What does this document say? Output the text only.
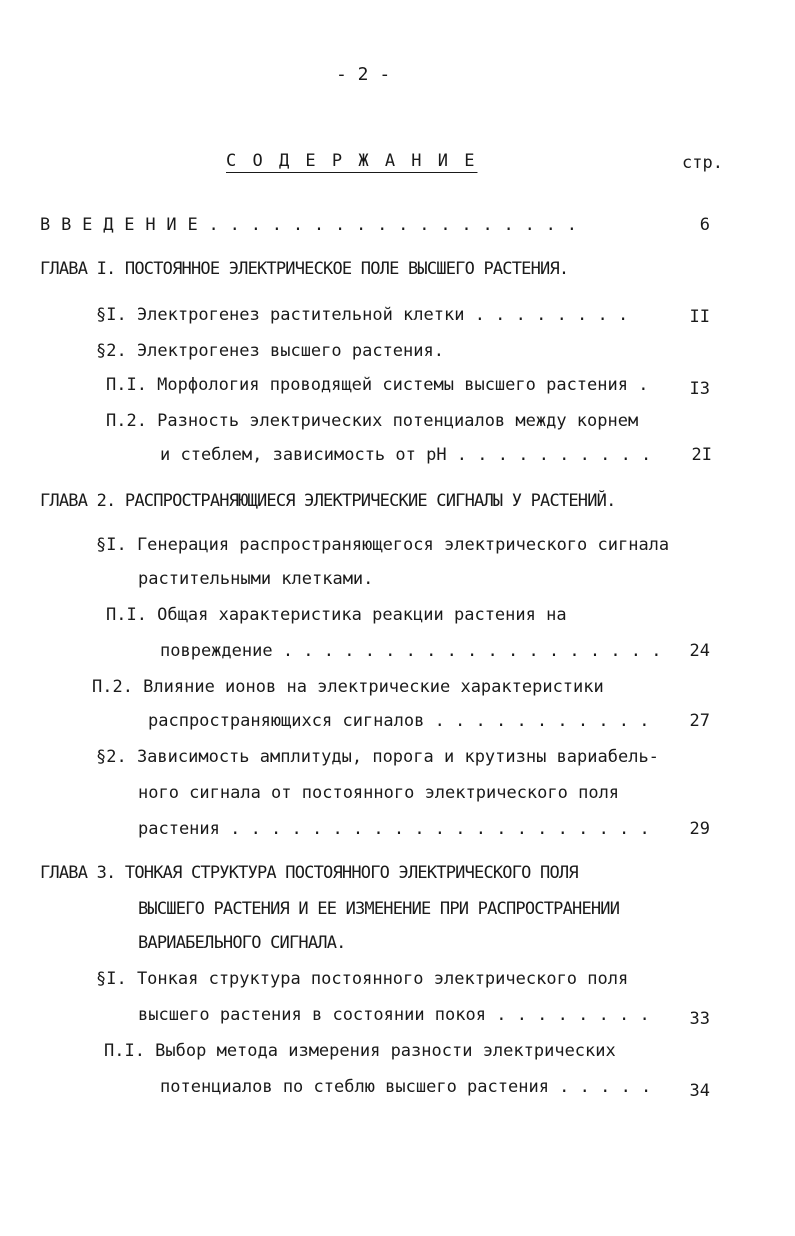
- 2 -
С О Д Е Р Ж А Н И Е	стр.
В В Е Д Е Н И Е . . . . . . . . . . . . . . . . . .	6
ГЛАВА I. ПОСТОЯННОЕ ЭЛЕКТРИЧЕСКОЕ ПОЛЕ ВЫСШЕГО РАСТЕНИЯ.
§I. Электрогенез растительной клетки . . . . . . . .	II
§2. Электрогенез высшего растения.
П.I. Морфология проводящей системы высшего растения .	I3
П.2. Разность электрических потенциалов между корнем
и стеблем, зависимость от pH . . . . . . . . . .	2I
ГЛАВА 2. РАСПРОСТРАНЯЮЩИЕСЯ ЭЛЕКТРИЧЕСКИЕ СИГНАЛЫ У РАСТЕНИЙ.
§I. Генерация распространяющегося электрического сигнала
растительными клетками.
П.I. Общая характеристика реакции растения на
повреждение . . . . . . . . . . . . . . . . . . .	24
П.2. Влияние ионов на электрические характеристики
распространяющихся сигналов . . . . . . . . . . .	27
§2. Зависимость амплитуды, порога и крутизны вариабель-
ного сигнала от постоянного электрического поля
растения . . . . . . . . . . . . . . . . . . . . .	29
ГЛАВА 3. ТОНКАЯ СТРУКТУРА ПОСТОЯННОГО ЭЛЕКТРИЧЕСКОГО ПОЛЯ
ВЫСШЕГО РАСТЕНИЯ И ЕЕ ИЗМЕНЕНИЕ ПРИ РАСПРОСТРАНЕНИИ
ВАРИАБЕЛЬНОГО СИГНАЛА.
§I. Тонкая структура постоянного электрического поля
высшего растения в состоянии покоя . . . . . . . .	33
П.I. Выбор метода измерения разности электрических
потенциалов по стеблю высшего растения . . . . .	34
